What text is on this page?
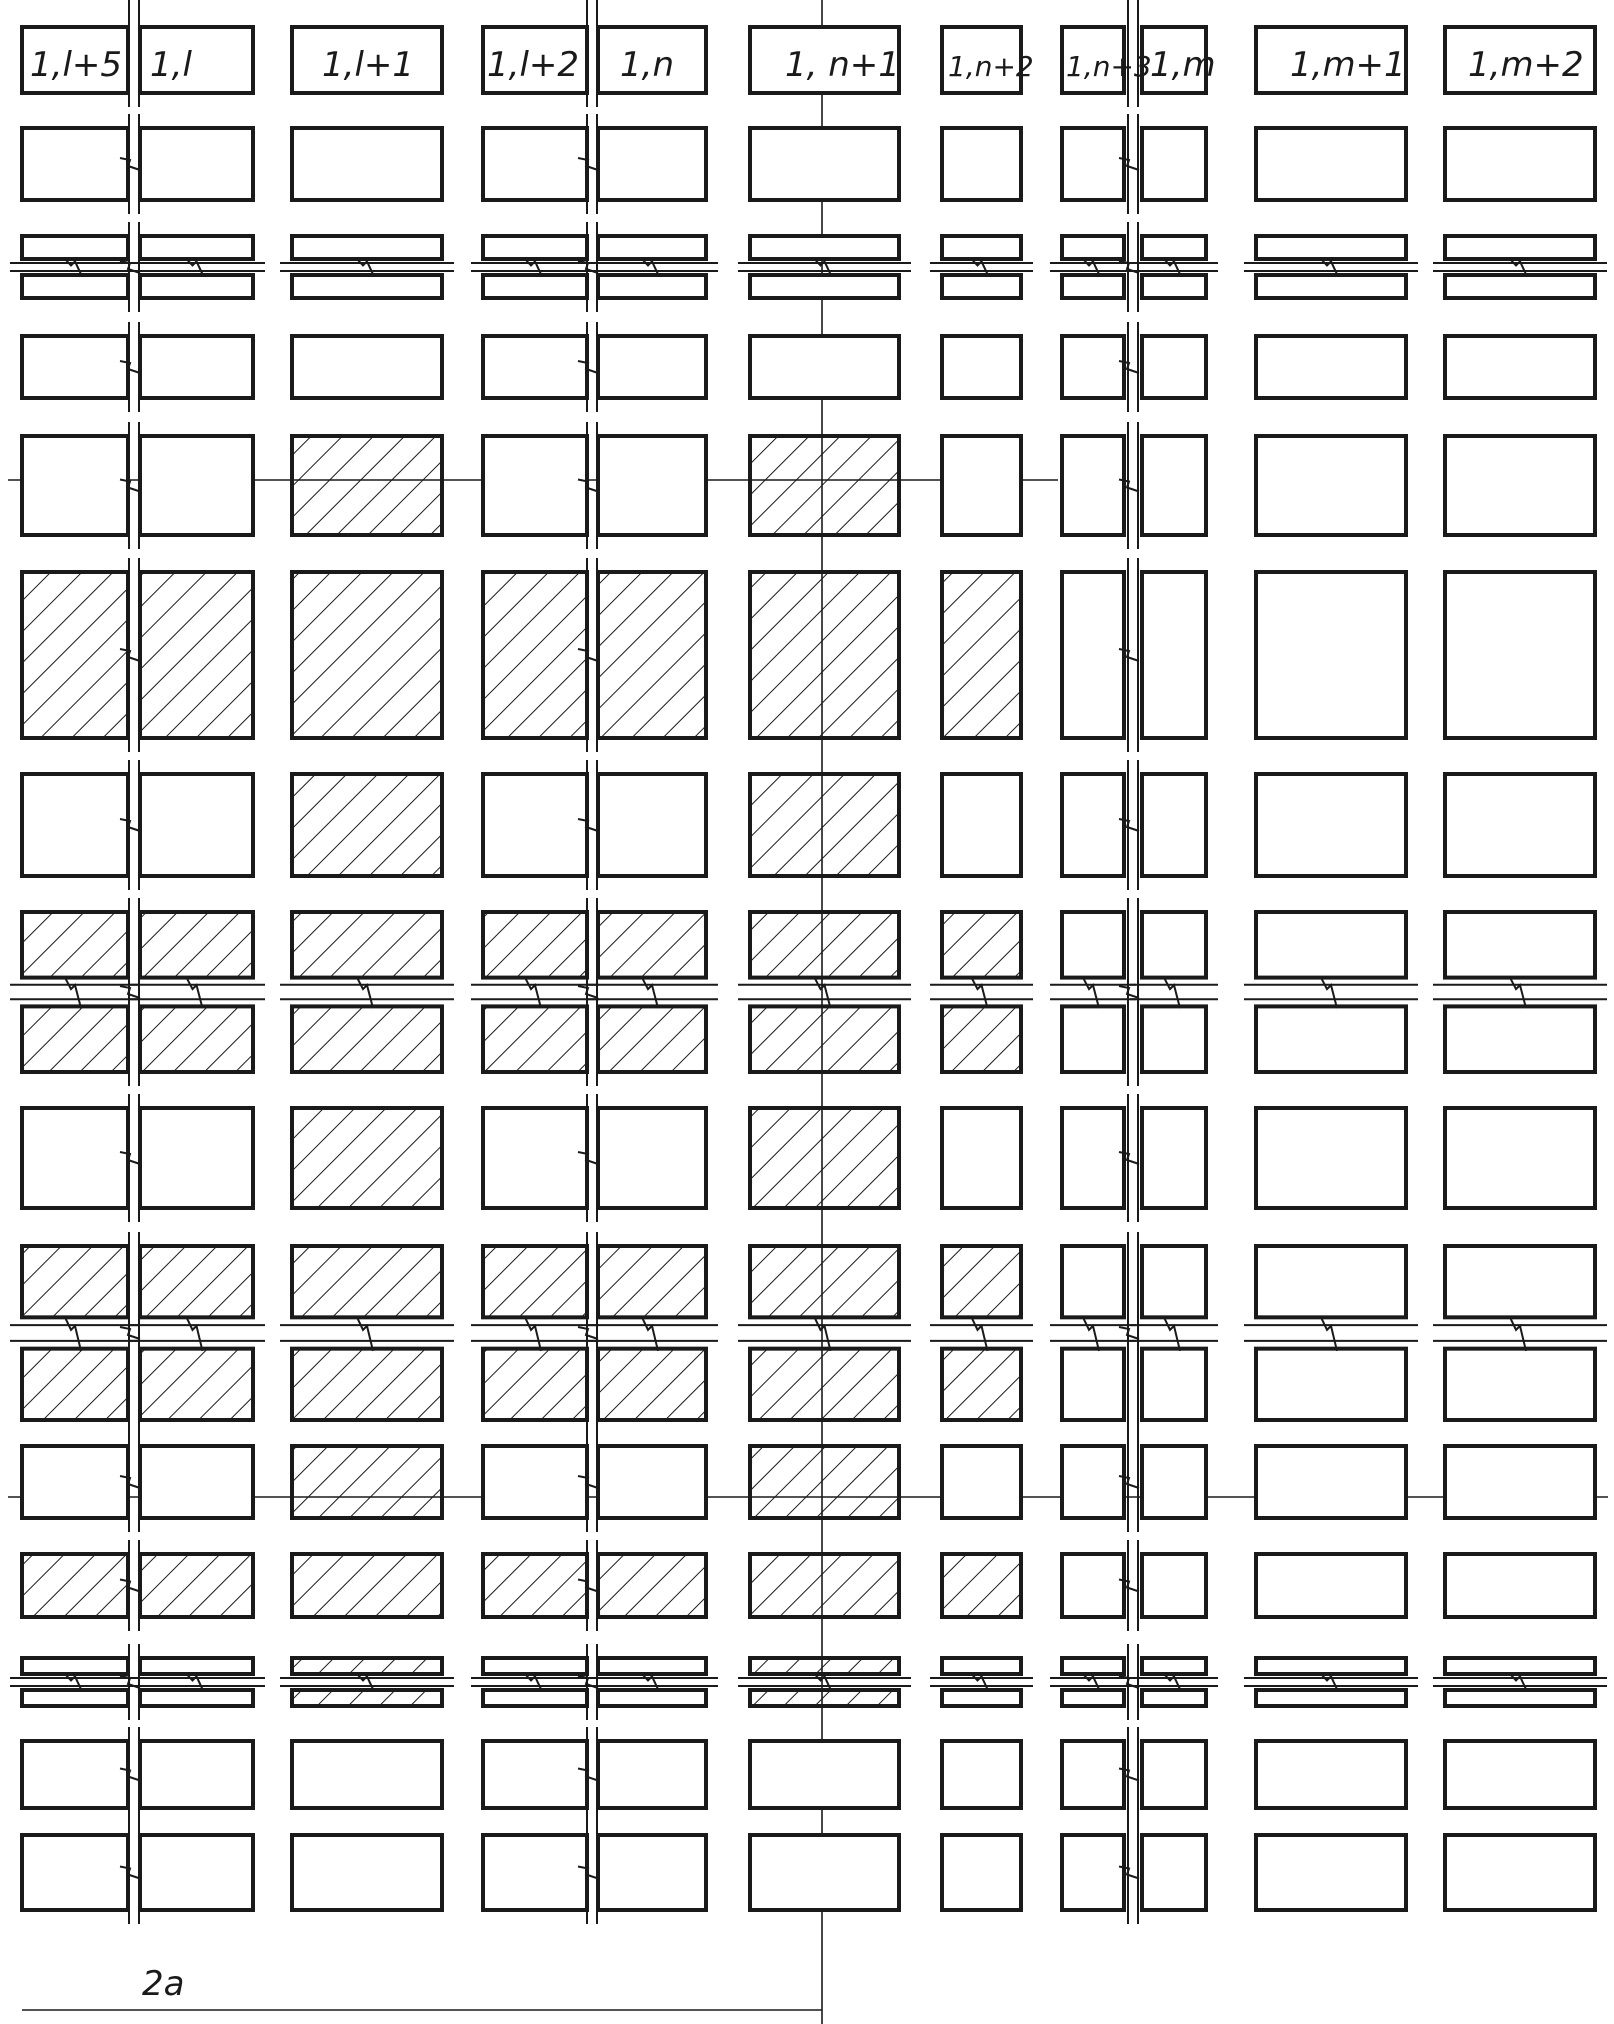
1,l+5 1,l	1,l+1 1,l+2 1,n	1, n+1 1,n+2 1,n+3
1,m 1,m+1 1,m+2
2a
